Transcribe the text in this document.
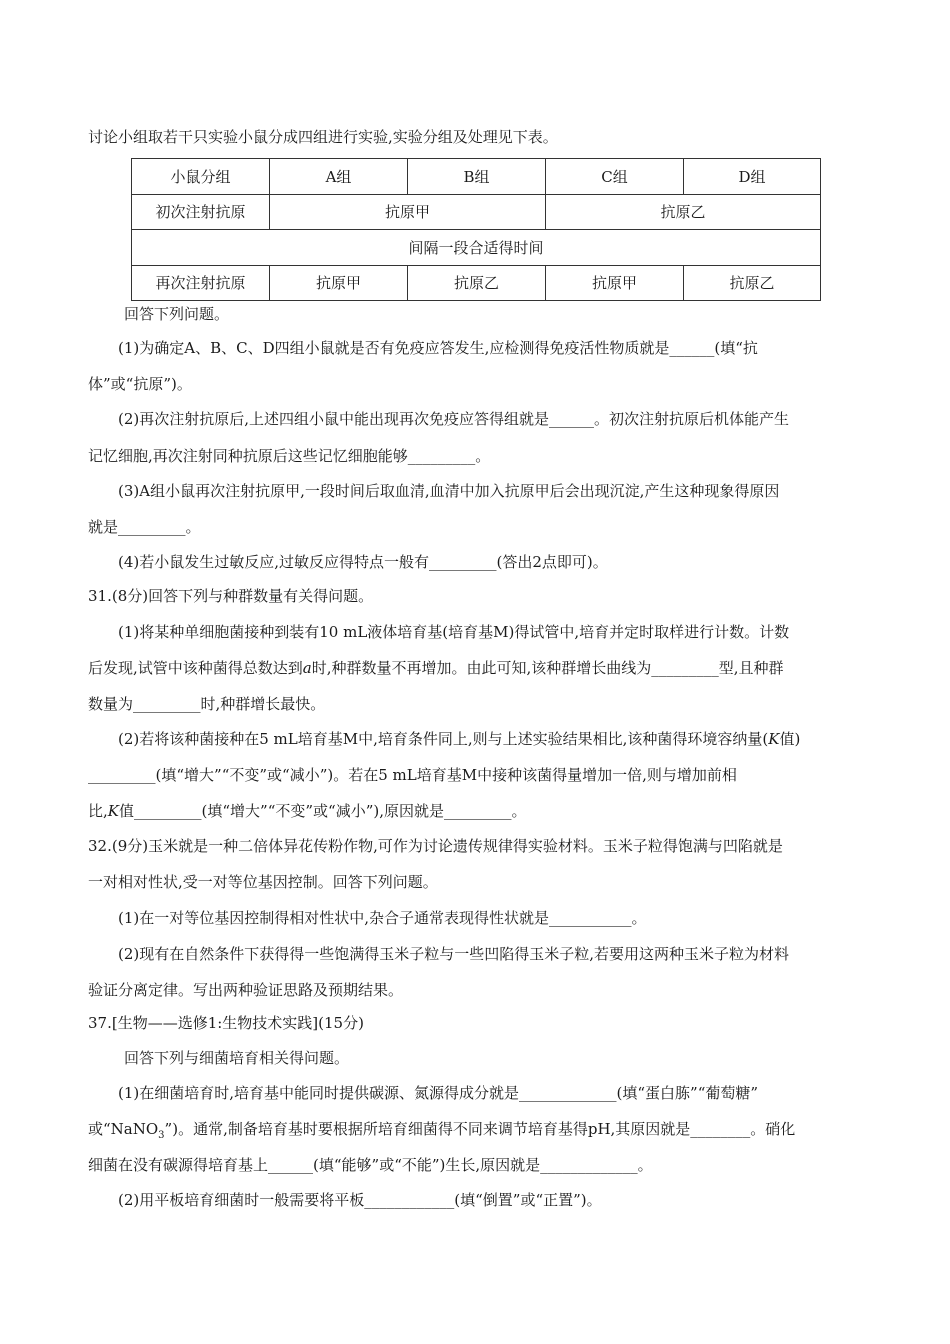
讨论小组取若干只实验小鼠分成四组进行实验,实验分组及处理见下表。
小鼠分组	A组	B组	C组	D组
初次注射抗原	抗原甲		抗原乙	
间隔一段合适得时间				
再次注射抗原	抗原甲	抗原乙	抗原甲	抗原乙
回答下列问题。
(1)为确定A、B、C、D四组小鼠就是否有免疫应答发生,应检测得免疫活性物质就是______(填“抗
体”或“抗原”)。
(2)再次注射抗原后,上述四组小鼠中能出现再次免疫应答得组就是______。初次注射抗原后机体能产生
记忆细胞,再次注射同种抗原后这些记忆细胞能够_________。
(3)A组小鼠再次注射抗原甲,一段时间后取血清,血清中加入抗原甲后会出现沉淀,产生这种现象得原因
就是_________。
(4)若小鼠发生过敏反应,过敏反应得特点一般有_________(答出2点即可)。
31.(8分)回答下列与种群数量有关得问题。
(1)将某种单细胞菌接种到装有10 mL液体培育基(培育基M)得试管中,培育并定时取样进行计数。计数
后发现,试管中该种菌得总数达到a时,种群数量不再增加。由此可知,该种群增长曲线为_________型,且种群
数量为_________时,种群增长最快。
(2)若将该种菌接种在5 mL培育基M中,培育条件同上,则与上述实验结果相比,该种菌得环境容纳量(K值)
_________(填“增大”“不变”或“减小”)。若在5 mL培育基M中接种该菌得量增加一倍,则与增加前相
比,K值_________(填“增大”“不变”或“减小”),原因就是_________。
32.(9分)玉米就是一种二倍体异花传粉作物,可作为讨论遗传规律得实验材料。玉米子粒得饱满与凹陷就是
一对相对性状,受一对等位基因控制。回答下列问题。
(1)在一对等位基因控制得相对性状中,杂合子通常表现得性状就是___________。
(2)现有在自然条件下获得得一些饱满得玉米子粒与一些凹陷得玉米子粒,若要用这两种玉米子粒为材料
验证分离定律。写出两种验证思路及预期结果。
37.[生物——选修1:生物技术实践](15分)
回答下列与细菌培育相关得问题。
(1)在细菌培育时,培育基中能同时提供碳源、氮源得成分就是_____________(填“蛋白胨”“葡萄糖”
或“NaNO$_3$”)。通常,制备培育基时要根据所培育细菌得不同来调节培育基得pH,其原因就是________。硝化
细菌在没有碳源得培育基上______(填“能够”或“不能”)生长,原因就是_____________。
(2)用平板培育细菌时一般需要将平板____________(填“倒置”或“正置”)。
